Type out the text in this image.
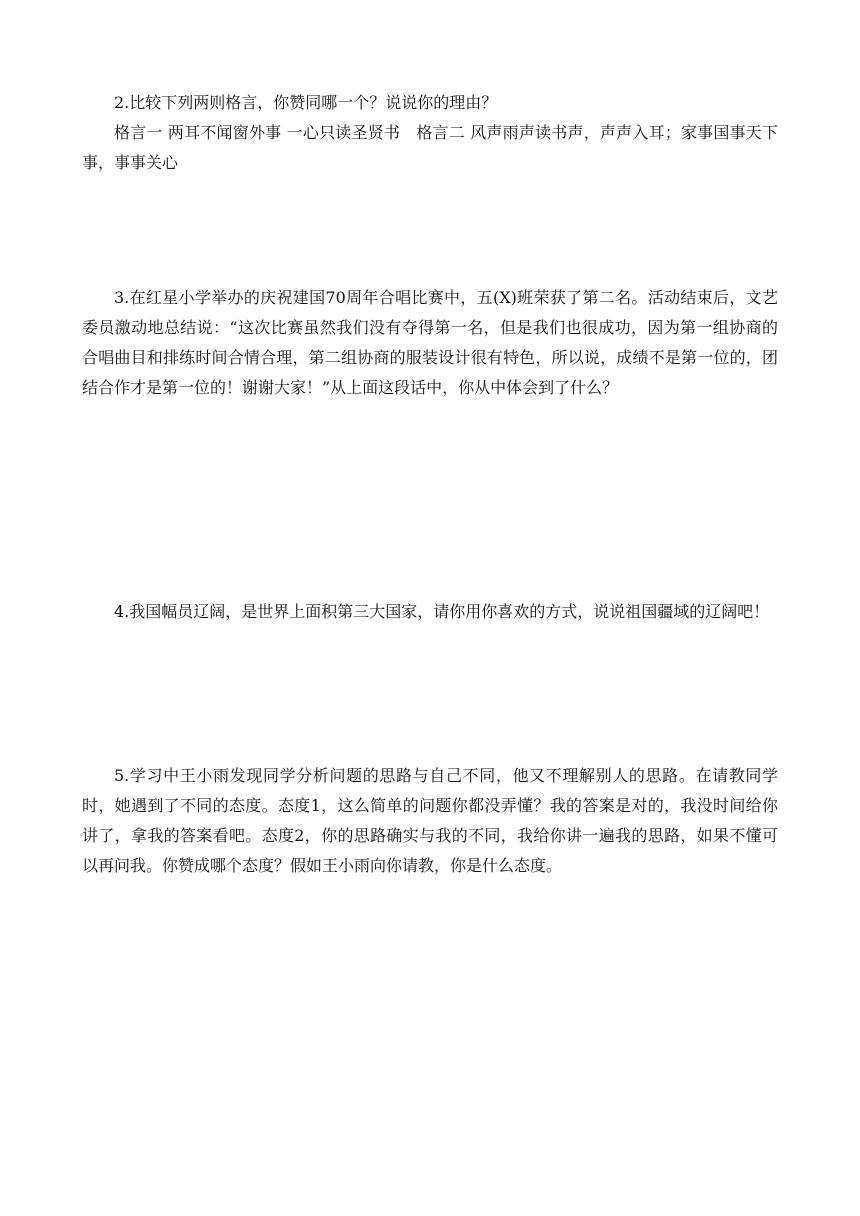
2.比较下列两则格言，你赞同哪一个？说说你的理由？

格言一 两耳不闻窗外事 一心只读圣贤书　格言二 风声雨声读书声，声声入耳；家事国事天下事，事事关心

3.在红星小学举办的庆祝建国70周年合唱比赛中，五(X)班荣获了第二名。活动结束后，文艺委员激动地总结说：“这次比赛虽然我们没有夺得第一名，但是我们也很成功，因为第一组协商的合唱曲目和排练时间合情合理，第二组协商的服装设计很有特色，所以说，成绩不是第一位的，团结合作才是第一位的！谢谢大家！”从上面这段话中，你从中体会到了什么？

4.我国幅员辽阔，是世界上面积第三大国家，请你用你喜欢的方式，说说祖国疆域的辽阔吧！

5.学习中王小雨发现同学分析问题的思路与自己不同，他又不理解别人的思路。在请教同学时，她遇到了不同的态度。态度1，这么简单的问题你都没弄懂？我的答案是对的，我没时间给你讲了，拿我的答案看吧。态度2，你的思路确实与我的不同，我给你讲一遍我的思路，如果不懂可以再问我。你赞成哪个态度？假如王小雨向你请教，你是什么态度。
